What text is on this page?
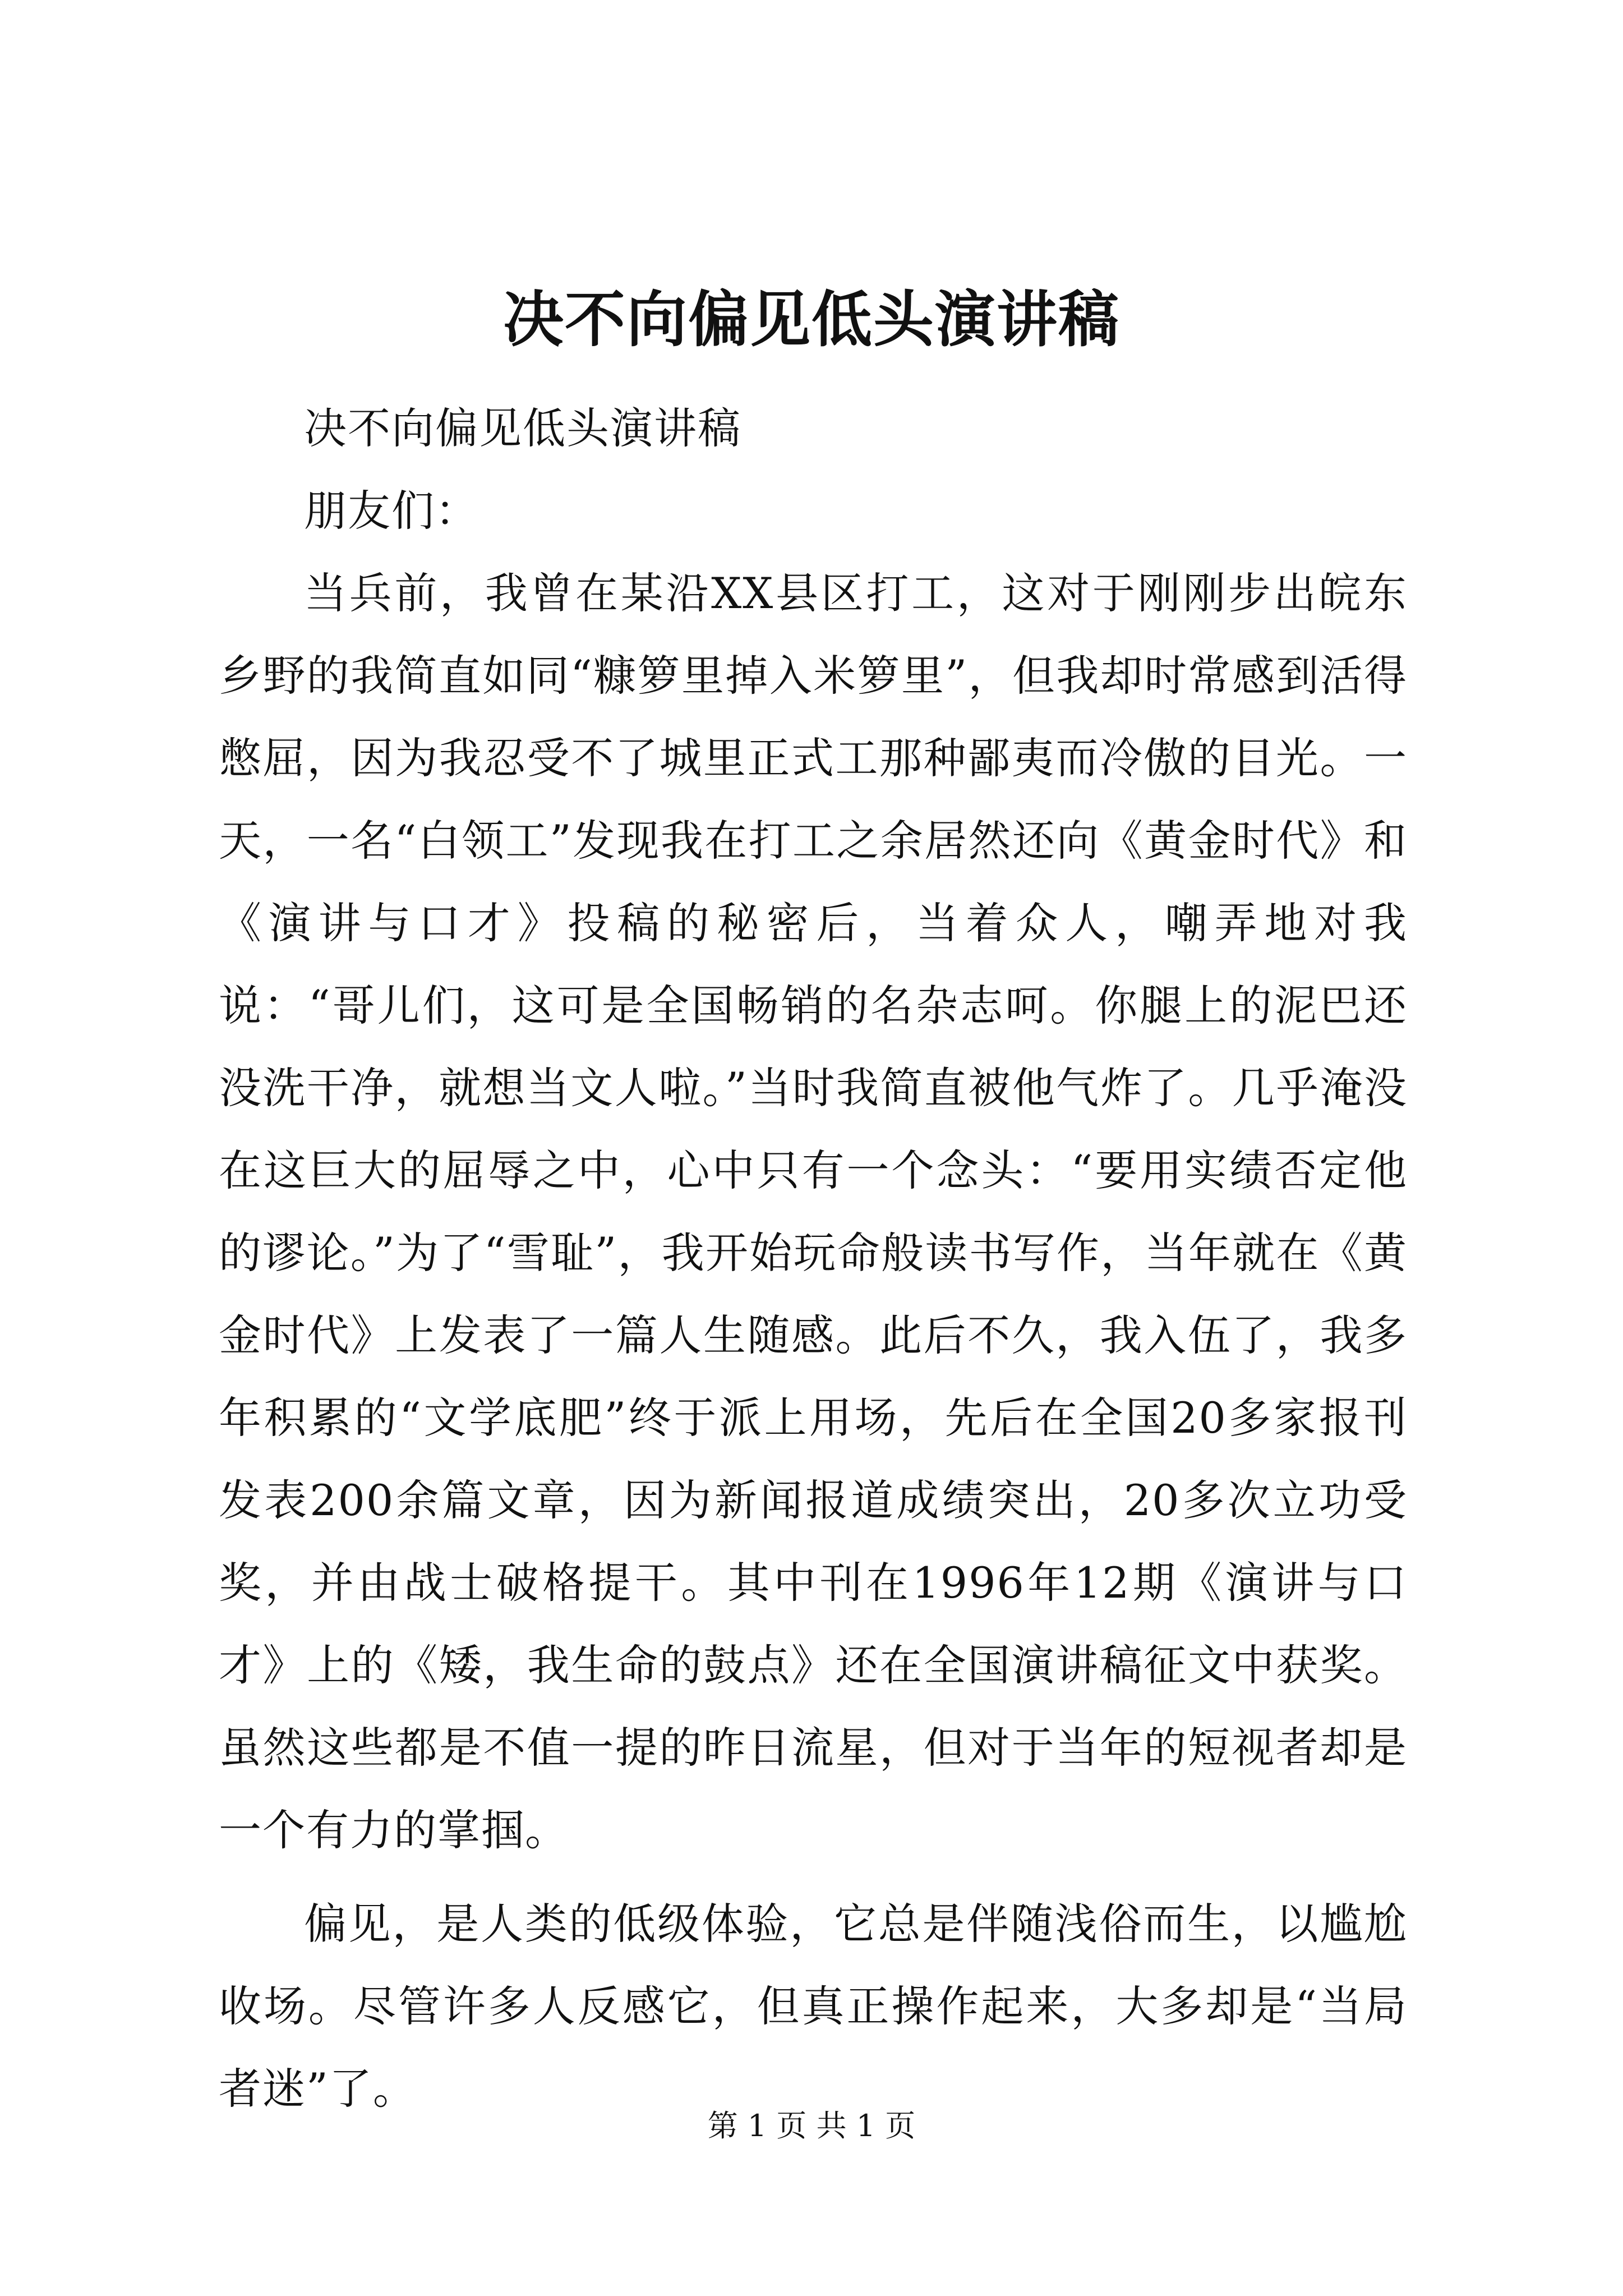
决不向偏见低头演讲稿

决不向偏见低头演讲稿

朋友们：

当兵前，我曾在某沿XX县区打工，这对于刚刚步出皖东乡野的我简直如同“糠箩里掉入米箩里”，但我却时常感到活得憋屈，因为我忍受不了城里正式工那种鄙夷而冷傲的目光。一天，一名“白领工”发现我在打工之余居然还向《黄金时代》和《演讲与口才》投稿的秘密后，当着众人，嘲弄地对我说：“哥儿们，这可是全国畅销的名杂志呵。你腿上的泥巴还没洗干净，就想当文人啦。”当时我简直被他气炸了。几乎淹没在这巨大的屈辱之中，心中只有一个念头：“要用实绩否定他的谬论。”为了“雪耻”，我开始玩命般读书写作，当年就在《黄金时代》上发表了一篇人生随感。此后不久，我入伍了，我多年积累的“文学底肥”终于派上用场，先后在全国20多家报刊发表200余篇文章，因为新闻报道成绩突出，20多次立功受奖，并由战士破格提干。其中刊在1996年12期《演讲与口才》上的《矮，我生命的鼓点》还在全国演讲稿征文中获奖。虽然这些都是不值一提的昨日流星，但对于当年的短视者却是一个有力的掌掴。

偏见，是人类的低级体验，它总是伴随浅俗而生，以尴尬收场。尽管许多人反感它，但真正操作起来，大多却是“当局者迷”了。

第 1 页 共 1 页
